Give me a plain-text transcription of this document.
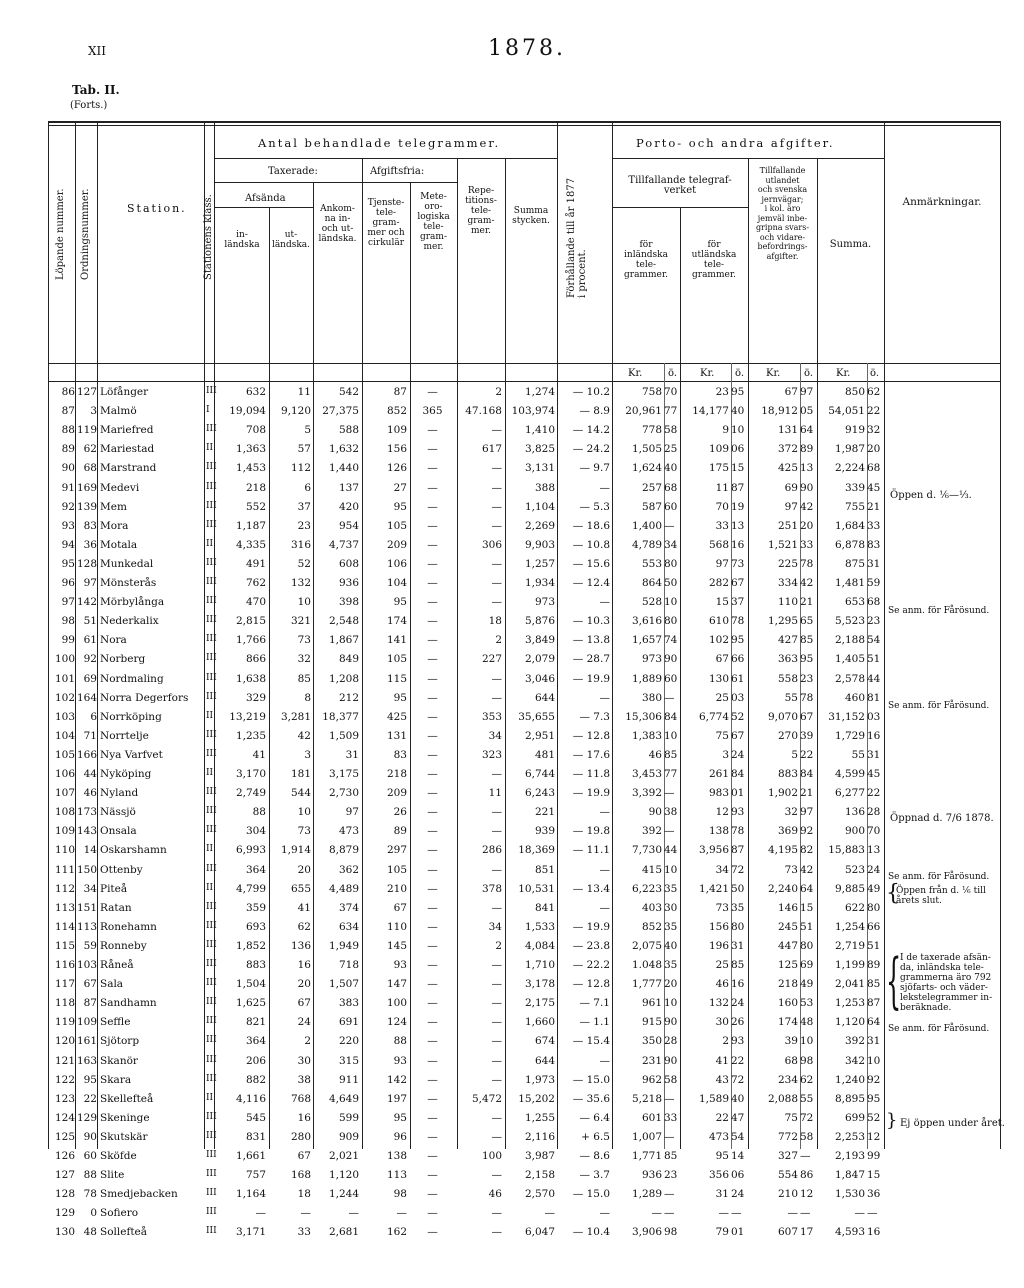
XII	1878.
Tab. II.
(Forts.)
Löpande nummer. Ordningsnummer.	Station. Stationens klass.
Antal behandlade telegrammer.
Taxerade:	Afgiftsfria:
Afsända
in-
ländska
ut-
ländska.
Ankom-
na in-
och ut-
ländska.
Tjenste-
tele-
gram-
mer och
cirkulär
Mete-
oro-
logiska
tele-
gram-
mer.
Repe-
titions-
tele-
gram-
mer.
Summa
stycken.
Förhållande till år 1877
i procent.
Porto- och andra afgifter.
Tillfallande telegraf-
verket
för
inländska
tele-
grammer.
för
utländska
tele-
grammer.
Tillfallande
utlandet
och svenska
jernvägar;
i kol. äro
jemväl inbe-
gripna svars-
och vidare-
befordrings-
afgifter.
Summa.
Anmärkningar.
Kr.	ö. Kr. ö. Kr. ö. Kr. ö.
86 127 Löfånger	III	632	11	542	87	—	2	1,274	— 10.2	758 70	23 95	67 97	850 62
87	3 Malmö	I	19,094	9,120	27,375	852	365	47.168 103,974	— 8.9	20,961 77	14,177 40	18,912 05	54,051 22
88 119 Mariefred	III	708	5	588	109	—	—	1,410	— 14.2	778 58	9 10	131 64	919 32
89 62 Mariestad	II	1,363	57	1,632	156	—	617	3,825	— 24.2	1,505 25	109 06	372 89	1,987 20
90 68 Marstrand	III	1,453	112	1,440	126	—	—	3,131	— 9.7	1,624 40	175 15	425 13	2,224 68
91 169 Medevi	III	218	6	137	27	—	—	388	—	257 68	11 87	69 90	339 45
92 139 Mem	III	552	37	420	95	—	—	1,104	— 5.3	587 60	70 19	97 42	755 21
93 83 Mora	III	1,187	23	954	105	—	—	2,269	— 18.6	1,400 —	33 13	251 20	1,684 33
94 36 Motala	II	4,335	316	4,737	209	—	306	9,903	— 10.8	4,789 34	568 16	1,521 33	6,878 83
95 128 Munkedal	III	491	52	608	106	—	—	1,257	— 15.6	553 80	97 73	225 78	875 31
96 97 Mönsterås	III	762	132	936	104	—	—	1,934	— 12.4	864 50	282 67	334 42	1,481 59
97 142 Mörbylånga	III	470	10	398	95	—	—	973	—	528 10	15 37	110 21	653 68
98 51 Nederkalix	III	2,815	321	2,548	174	—	18	5,876	— 10.3	3,616 80	610 78	1,295 65	5,523 23
99 61 Nora	III	1,766	73	1,867	141	—	2	3,849	— 13.8	1,657 74	102 95	427 85	2,188 54
100 92 Norberg	III	866	32	849	105	—	227	2,079	— 28.7	973 90	67 66	363 95	1,405 51
101 69 Nordmaling	III	1,638	85	1,208	115	—	—	3,046	— 19.9	1,889 60	130 61	558 23	2,578 44
102 164 Norra Degerfors	III	329	8	212	95	—	—	644	—	380 —	25 03	55 78	460 81
103	6 Norrköping	II	13,219	3,281	18,377	425	—	353	35,655	— 7.3	15,306 84	6,774 52	9,070 67	31,152 03
104 71 Norrtelje	III	1,235	42	1,509	131	—	34	2,951	— 12.8	1,383 10	75 67	270 39	1,729 16
105 166 Nya Varfvet	III	41	3	31	83	—	323	481	— 17.6	46 85	3 24	5 22	55 31
106 44 Nyköping	II	3,170	181	3,175	218	—	—	6,744	— 11.8	3,453 77	261 84	883 84	4,599 45
107 46 Nyland	III	2,749	544	2,730	209	—	11	6,243	— 19.9	3,392 —	983 01	1,902 21	6,277 22
108 173 Nässjö	III	88	10	97	26	—	—	221	—	90 38	12 93	32 97	136 28
109 143 Onsala	III	304	73	473	89	—	—	939	— 19.8	392 —	138 78	369 92	900 70
110 14 Oskarshamn	II	6,993	1,914	8,879	297	—	286	18,369	— 11.1	7,730 44	3,956 87	4,195 82	15,883 13
111 150 Ottenby	III	364	20	362	105	—	—	851	—	415 10	34 72	73 42	523 24
112 34 Piteå	II	4,799	655	4,489	210	—	378	10,531	— 13.4	6,223 35	1,421 50	2,240 64	9,885 49
113 151 Ratan	III	359	41	374	67	—	—	841	—	403 30	73 35	146 15	622 80
114 113 Ronehamn	III	693	62	634	110	—	34	1,533	— 19.9	852 35	156 80	245 51	1,254 66
115 59 Ronneby	III	1,852	136	1,949	145	—	2	4,084	— 23.8	2,075 40	196 31	447 80	2,719 51
116 103 Råneå	III	883	16	718	93	—	—	1,710	— 22.2	1.048 35	25 85	125 69	1,199 89
117 67 Sala	III	1,504	20	1,507	147	—	—	3,178	— 12.8	1,777 20	46 16	218 49	2,041 85
118 87 Sandhamn	III	1,625	67	383	100	—	—	2,175	— 7.1	961 10	132 24	160 53	1,253 87
119 109 Seffle	III	821	24	691	124	—	—	1,660	— 1.1	915 90	30 26	174 48	1,120 64
120 161 Sjötorp	III	364	2	220	88	—	—	674	— 15.4	350 28	2 93	39 10	392 31
121 163 Skanör	III	206	30	315	93	—	—	644	—	231 90	41 22	68 98	342 10
122 95 Skara	III	882	38	911	142	—	—	1,973	— 15.0	962 58	43 72	234 62	1,240 92
123 22 Skellefteå	II	4,116	768	4,649	197	—	5,472	15,202	— 35.6	5,218 —	1,589 40	2,088 55	8,895 95
124 129 Skeninge	III	545	16	599	95	—	—	1,255	— 6.4	601 33	22 47	75 72	699 52
125 90 Skutskär	III	831	280	909	96	—	—	2,116	+ 6.5	1,007 —	473 54	772 58	2,253 12
126 60 Sköfde	III	1,661	67	2,021	138	—	100	3,987	— 8.6	1,771 85	95 14	327 —	2,193 99
127 88 Slite	III	757	168	1,120	113	—	—	2,158	— 3.7	936 23	356 06	554 86	1,847 15
128 78 Smedjebacken	III	1,164	18	1,244	98	—	46	2,570	— 15.0	1,289 —	31 24	210 12	1,530 36
129	0 Sofiero	III	—	—	—	—	—	—	—	—	— —	— —	— —	— —
130 48 Sollefteå	III	3,171	33	2,681	162	—	—	6,047	— 10.4	3,906 98	79 01	607 17	4,593 16
Öppen d. ⅙—⅓.
Se anm. för Fårösund.
Se anm. för Fårösund.
Öppnad d. 7/6 1878.
Se anm. för Fårösund.
Öppen från d. ⅙ till
årets slut.
{
I de taxerade afsän-
da, inländska tele-
grammerna äro 792
sjöfarts- och väder-
lekstelegrammer in-
beräknade.
{
Se anm. för Fårösund.
Ej öppen under året.
}
